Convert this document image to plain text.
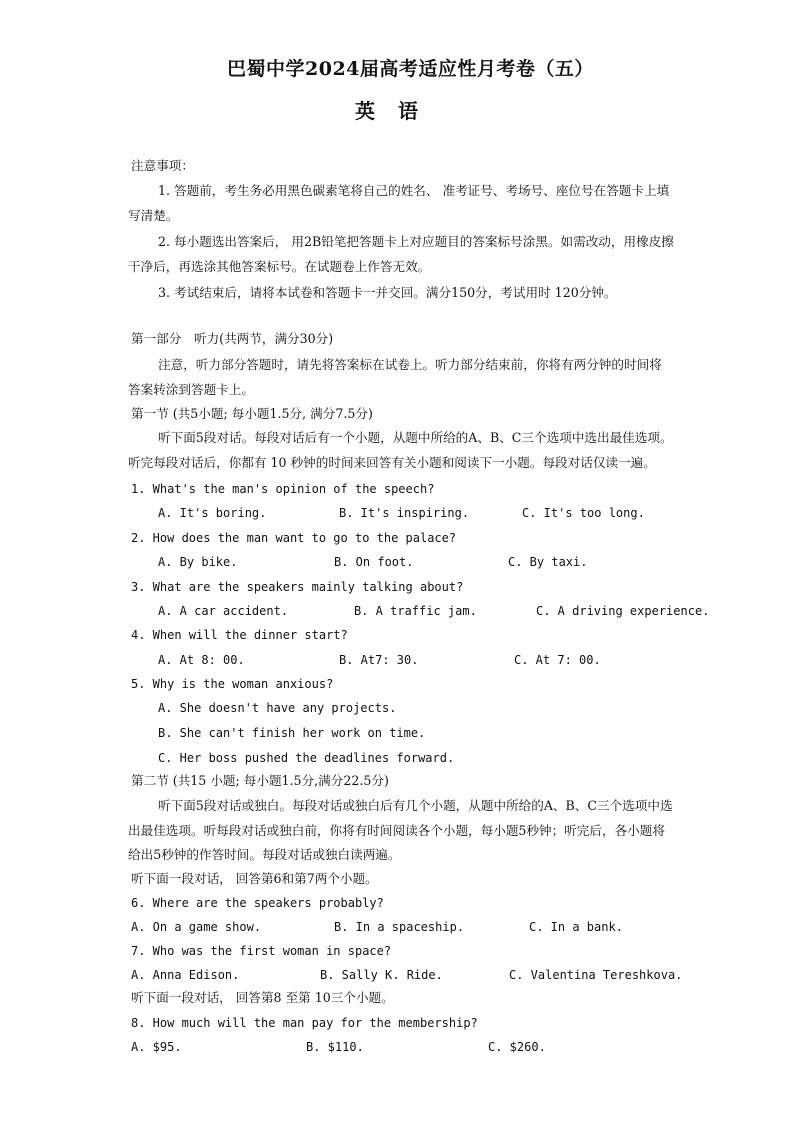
巴蜀中学2024届高考适应性月考卷（五）
英 语
注意事项：
1. 答题前，考生务必用黑色碳素笔将自己的姓名、 准考证号、考场号、座位号在答题卡上填
写清楚。
2. 每小题选出答案后， 用2B铅笔把答题卡上对应题目的答案标号涂黑。如需改动，用橡皮擦
干净后，再选涂其他答案标号。在试题卷上作答无效。
3. 考试结束后，请将本试卷和答题卡一并交回。满分150分，考试用时 120分钟。
第一部分　听力(共两节，满分30分)
注意，听力部分答题时，请先将答案标在试卷上。听力部分结束前，你将有两分钟的时间将
答案转涂到答题卡上。
第一节 (共5小题; 每小题1.5分, 满分7.5分)
听下面5段对话。每段对话后有一个小题，从题中所给的A、B、C三个选项中选出最佳选项。
听完每段对话后，你都有 10 秒钟的时间来回答有关小题和阅读下一小题。每段对话仅读一遍。
1. What's the man's opinion of the speech?
A. It's boring.	B. It's inspiring.	C. It's too long.
2. How does the man want to go to the palace?
A. By bike.	B. On foot.	C. By taxi.
3. What are the speakers mainly talking about?
A. A car accident.	B. A traffic jam.	C. A driving experience.
4. When will the dinner start?
A. At 8: 00.	B. At7: 30.	C. At 7: 00.
5. Why is the woman anxious?
A. She doesn't have any projects.
B. She can't finish her work on time.
C. Her boss pushed the deadlines forward.
第二节 (共15 小题; 每小题1.5分,满分22.5分)
听下面5段对话或独白。每段对话或独白后有几个小题，从题中所给的A、B、C三个选项中选
出最佳选项。听每段对话或独白前，你将有时间阅读各个小题，每小题5秒钟；听完后，各小题将
给出5秒钟的作答时间。每段对话或独白读两遍。
听下面一段对话， 回答第6和第7两个小题。
6. Where are the speakers probably?
A. On a game show.	B. In a spaceship.	C. In a bank.
7. Who was the first woman in space?
A. Anna Edison.	B. Sally K. Ride.	C. Valentina Tereshkova.
听下面一段对话， 回答第8 至第 10三个小题。
8. How much will the man pay for the membership?
A. $95.	B. $110.	C. $260.
